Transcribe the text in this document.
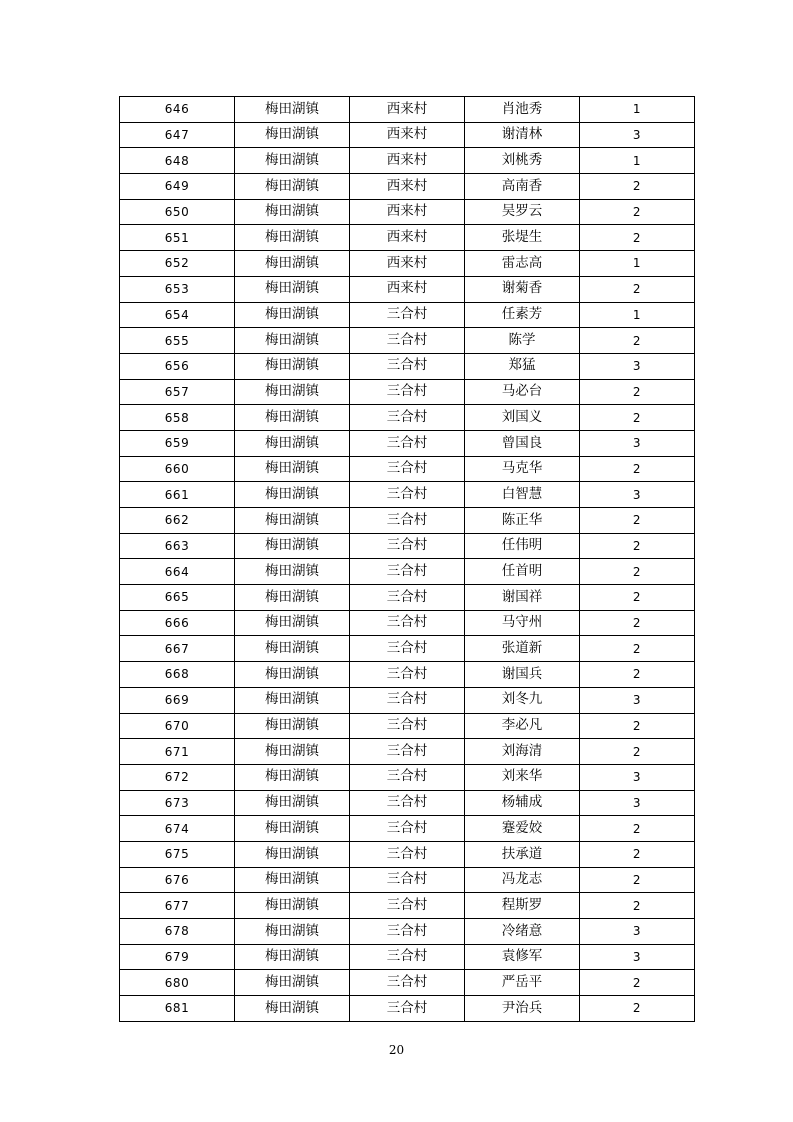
646	梅田湖镇	西来村	肖池秀	1
647	梅田湖镇	西来村	谢清林	3
648	梅田湖镇	西来村	刘桃秀	1
649	梅田湖镇	西来村	高南香	2
650	梅田湖镇	西来村	吴罗云	2
651	梅田湖镇	西来村	张堤生	2
652	梅田湖镇	西来村	雷志高	1
653	梅田湖镇	西来村	谢菊香	2
654	梅田湖镇	三合村	任素芳	1
655	梅田湖镇	三合村	陈学	2
656	梅田湖镇	三合村	郑猛	3
657	梅田湖镇	三合村	马必台	2
658	梅田湖镇	三合村	刘国义	2
659	梅田湖镇	三合村	曾国良	3
660	梅田湖镇	三合村	马克华	2
661	梅田湖镇	三合村	白智慧	3
662	梅田湖镇	三合村	陈正华	2
663	梅田湖镇	三合村	任伟明	2
664	梅田湖镇	三合村	任首明	2
665	梅田湖镇	三合村	谢国祥	2
666	梅田湖镇	三合村	马守州	2
667	梅田湖镇	三合村	张道新	2
668	梅田湖镇	三合村	谢国兵	2
669	梅田湖镇	三合村	刘冬九	3
670	梅田湖镇	三合村	李必凡	2
671	梅田湖镇	三合村	刘海清	2
672	梅田湖镇	三合村	刘来华	3
673	梅田湖镇	三合村	杨辅成	3
674	梅田湖镇	三合村	蹇爱姣	2
675	梅田湖镇	三合村	扶承道	2
676	梅田湖镇	三合村	冯龙志	2
677	梅田湖镇	三合村	程斯罗	2
678	梅田湖镇	三合村	冷绪意	3
679	梅田湖镇	三合村	袁修军	3
680	梅田湖镇	三合村	严岳平	2
681	梅田湖镇	三合村	尹治兵	2
20
